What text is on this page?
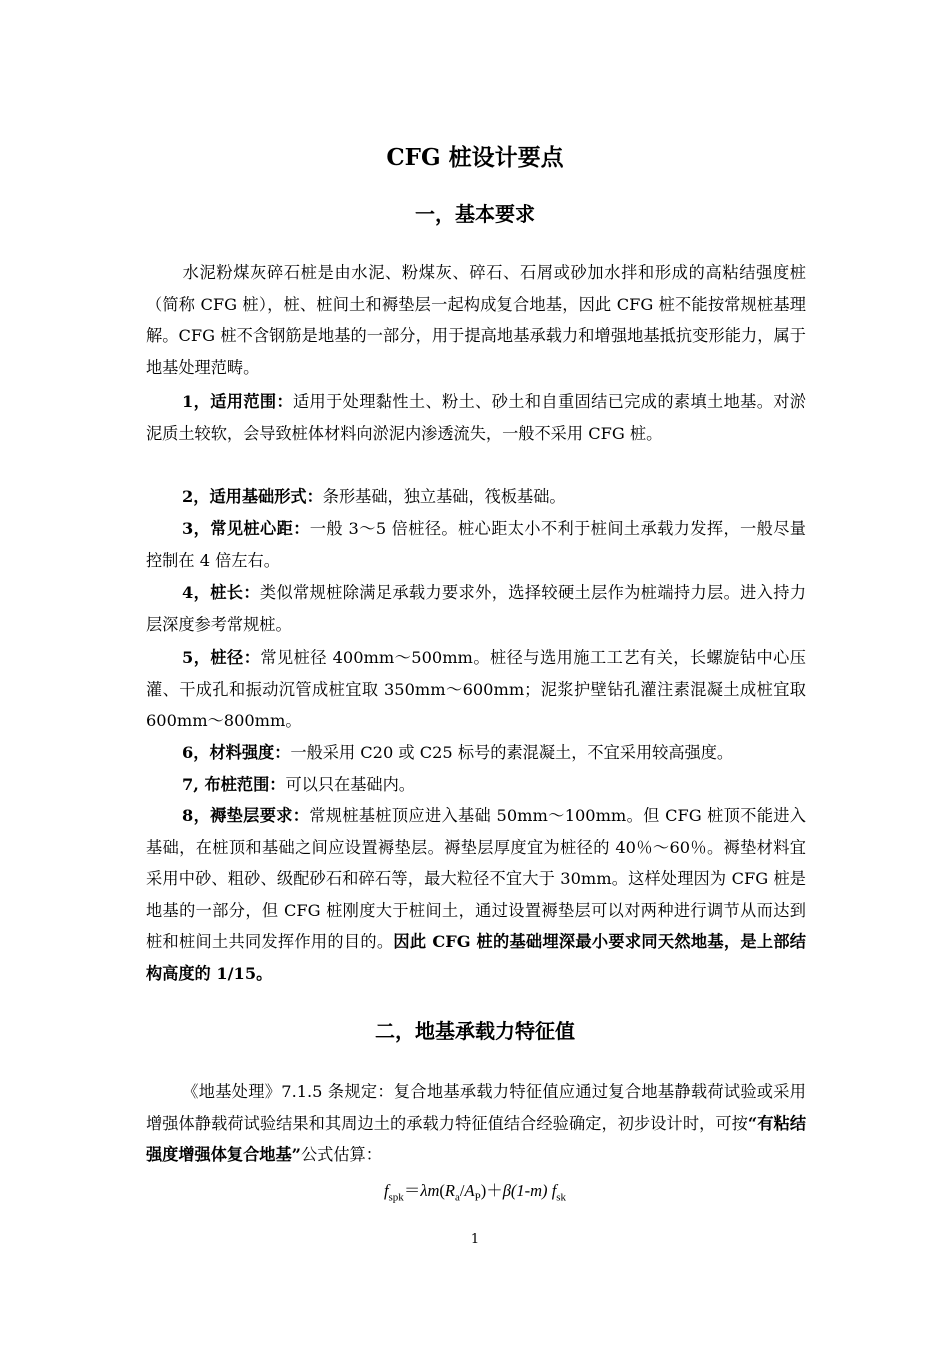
CFG 桩设计要点
一，基本要求
水泥粉煤灰碎石桩是由水泥、粉煤灰、碎石、石屑或砂加水拌和形成的高粘结强度桩（简称 CFG 桩），桩、桩间土和褥垫层一起构成复合地基，因此 CFG 桩不能按常规桩基理解。CFG 桩不含钢筋是地基的一部分，用于提高地基承载力和增强地基抵抗变形能力，属于地基处理范畴。
1，适用范围：适用于处理黏性土、粉土、砂土和自重固结已完成的素填土地基。对淤泥质土较软，会导致桩体材料向淤泥内渗透流失，一般不采用 CFG 桩。
2，适用基础形式：条形基础，独立基础，筏板基础。
3，常见桩心距：一般 3～5 倍桩径。桩心距太小不利于桩间土承载力发挥，一般尽量控制在 4 倍左右。
4，桩长：类似常规桩除满足承载力要求外，选择较硬土层作为桩端持力层。进入持力层深度参考常规桩。
5，桩径：常见桩径 400mm～500mm。桩径与选用施工工艺有关，长螺旋钻中心压灌、干成孔和振动沉管成桩宜取 350mm～600mm；泥浆护壁钻孔灌注素混凝土成桩宜取 600mm～800mm。
6，材料强度：一般采用 C20 或 C25 标号的素混凝土，不宜采用较高强度。
7, 布桩范围：可以只在基础内。
8，褥垫层要求：常规桩基桩顶应进入基础 50mm～100mm。但 CFG 桩顶不能进入基础，在桩顶和基础之间应设置褥垫层。褥垫层厚度宜为桩径的 40％～60％。褥垫材料宜采用中砂、粗砂、级配砂石和碎石等，最大粒径不宜大于 30mm。这样处理因为 CFG 桩是地基的一部分，但 CFG 桩刚度大于桩间土，通过设置褥垫层可以对两种进行调节从而达到桩和桩间土共同发挥作用的目的。因此 CFG 桩的基础埋深最小要求同天然地基，是上部结构高度的 1/15。
二，地基承载力特征值
《地基处理》7.1.5 条规定：复合地基承载力特征值应通过复合地基静载荷试验或采用增强体静载荷试验结果和其周边土的承载力特征值结合经验确定，初步设计时，可按“有粘结强度增强体复合地基”公式估算：
$f_{spk}=\lambda m(R_a/A_P)+\beta(1-m)$ $f_{sk}$
1
